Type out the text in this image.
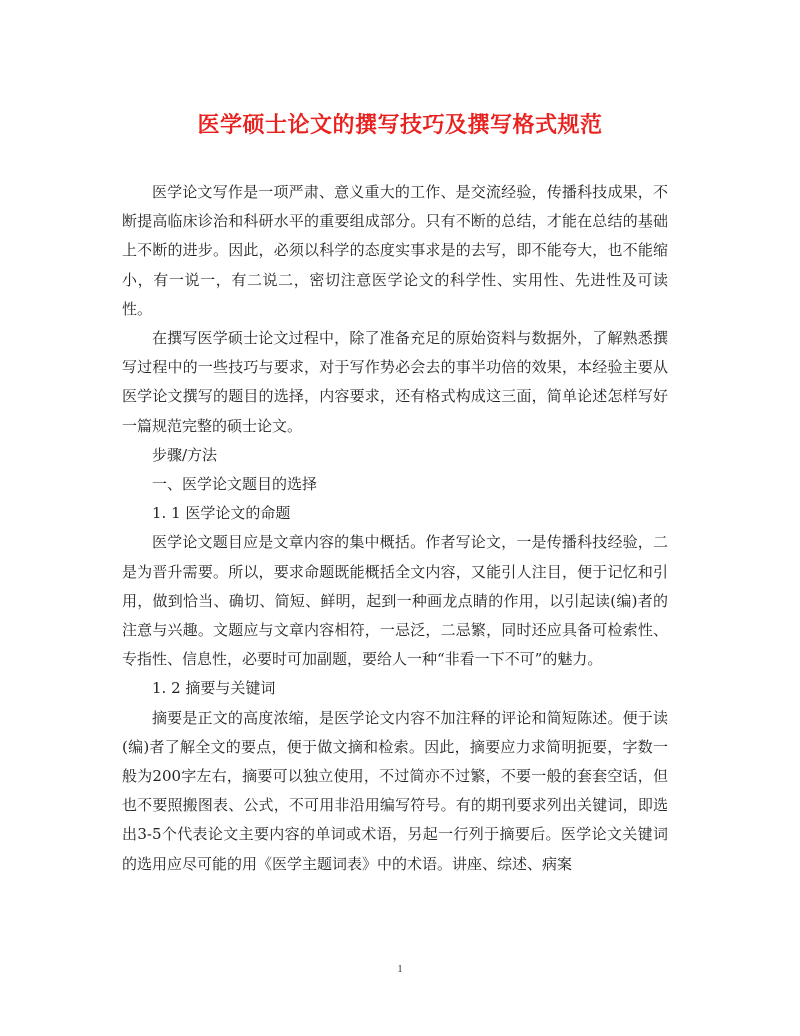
医学硕士论文的撰写技巧及撰写格式规范

医学论文写作是一项严肃、意义重大的工作、是交流经验，传播科技成果，不断提高临床诊治和科研水平的重要组成部分。只有不断的总结，才能在总结的基础上不断的进步。因此，必须以科学的态度实事求是的去写，即不能夸大，也不能缩小，有一说一，有二说二，密切注意医学论文的科学性、实用性、先进性及可读性。

在撰写医学硕士论文过程中，除了准备充足的原始资料与数据外，了解熟悉撰写过程中的一些技巧与要求，对于写作势必会去的事半功倍的效果，本经验主要从医学论文撰写的题目的选择，内容要求，还有格式构成这三面，简单论述怎样写好一篇规范完整的硕士论文。

步骤/方法

一、医学论文题目的选择

1. 1 医学论文的命题

医学论文题目应是文章内容的集中概括。作者写论文，一是传播科技经验，二是为晋升需要。所以，要求命题既能概括全文内容，又能引人注目，便于记忆和引用，做到恰当、确切、简短、鲜明，起到一种画龙点睛的作用，以引起读(编)者的注意与兴趣。文题应与文章内容相符，一忌泛，二忌繁，同时还应具备可检索性、专指性、信息性，必要时可加副题，要给人一种“非看一下不可”的魅力。

1. 2 摘要与关键词

摘要是正文的高度浓缩，是医学论文内容不加注释的评论和简短陈述。便于读(编)者了解全文的要点，便于做文摘和检索。因此，摘要应力求简明扼要，字数一般为200字左右，摘要可以独立使用，不过简亦不过繁，不要一般的套套空话，但也不要照搬图表、公式，不可用非沿用编写符号。有的期刊要求列出关键词，即选出3-5个代表论文主要内容的单词或术语，另起一行列于摘要后。医学论文关键词的选用应尽可能的用《医学主题词表》中的术语。讲座、综述、病案

1
